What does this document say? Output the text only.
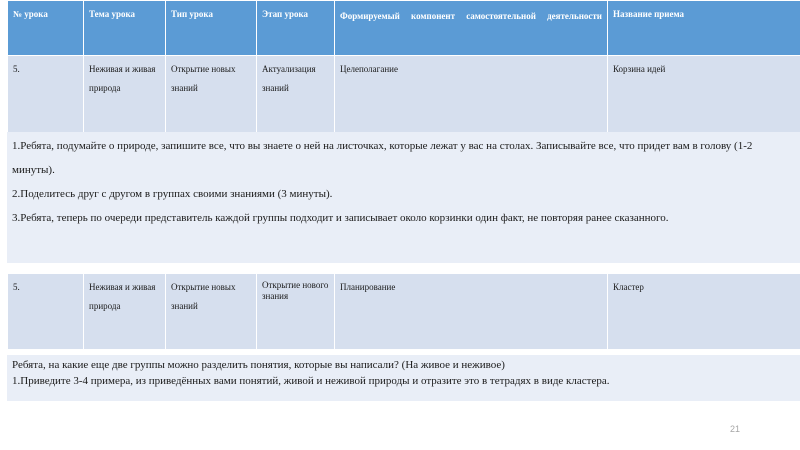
№ урока	Тема урока	Тип урока	Этап урока	Формируемый компонент самостоятельной деятельности	Название приема
5.	Неживая и живая природа	Открытие новых знаний	Актуализация знаний	Целеполагание	Корзина идей

1.Ребята, подумайте о природе, запишите все, что вы знаете о ней на листочках, которые лежат у вас на столах. Записывайте все, что придет вам в голову (1-2 минуты).

2.Поделитесь друг с другом в группах своими знаниями (3 минуты).

3.Ребята, теперь по очереди представитель каждой группы подходит и записывает около корзинки один факт, не повторяя ранее сказанного.

5.	Неживая и живая природа	Открытие новых знаний	Открытие нового знания	Планирование	Кластер

Ребята, на какие еще две группы можно разделить понятия, которые вы написали? (На живое и неживое)

1.Приведите 3-4 примера, из приведённых вами понятий, живой и неживой природы и отразите это в тетрадях в виде кластера.

21
